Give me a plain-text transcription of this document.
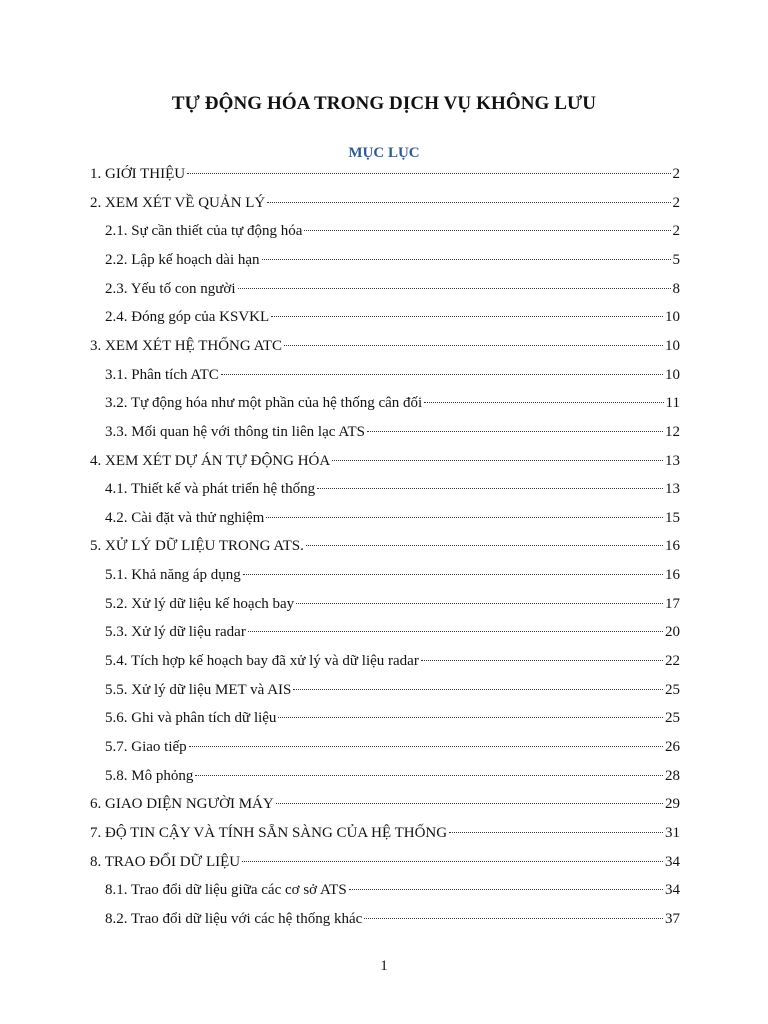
TỰ ĐỘNG HÓA TRONG DỊCH VỤ KHÔNG LƯU
MỤC LỤC
1. GIỚI THIỆU	2
2. XEM XÉT VỀ QUẢN LÝ	2
2.1. Sự cần thiết của tự động hóa	2
2.2. Lập kế hoạch dài hạn	5
2.3. Yếu tố con người	8
2.4. Đóng góp của KSVKL	10
3. XEM XÉT HỆ THỐNG ATC	10
3.1. Phân tích ATC	10
3.2. Tự động hóa như một phần của hệ thống cân đối	11
3.3. Mối quan hệ với thông tin liên lạc ATS	12
4. XEM XÉT DỰ ÁN TỰ ĐỘNG HÓA	13
4.1. Thiết kế và phát triển hệ thống	13
4.2. Cài đặt và thử nghiệm	15
5. XỬ LÝ DỮ LIỆU TRONG ATS.	16
5.1. Khả năng áp dụng	16
5.2. Xử lý dữ liệu kế hoạch bay	17
5.3. Xử lý dữ liệu radar	20
5.4. Tích hợp kế hoạch bay đã xử lý và dữ liệu radar	22
5.5. Xử lý dữ liệu MET và AIS	25
5.6. Ghi và phân tích dữ liệu	25
5.7. Giao tiếp	26
5.8. Mô phỏng	28
6. GIAO DIỆN NGƯỜI MÁY	29
7. ĐỘ TIN CẬY VÀ TÍNH SẴN SÀNG CỦA HỆ THỐNG	31
8. TRAO ĐỔI DỮ LIỆU	34
8.1. Trao đổi dữ liệu giữa các cơ sở ATS	34
8.2. Trao đổi dữ liệu với các hệ thống khác	37
1
